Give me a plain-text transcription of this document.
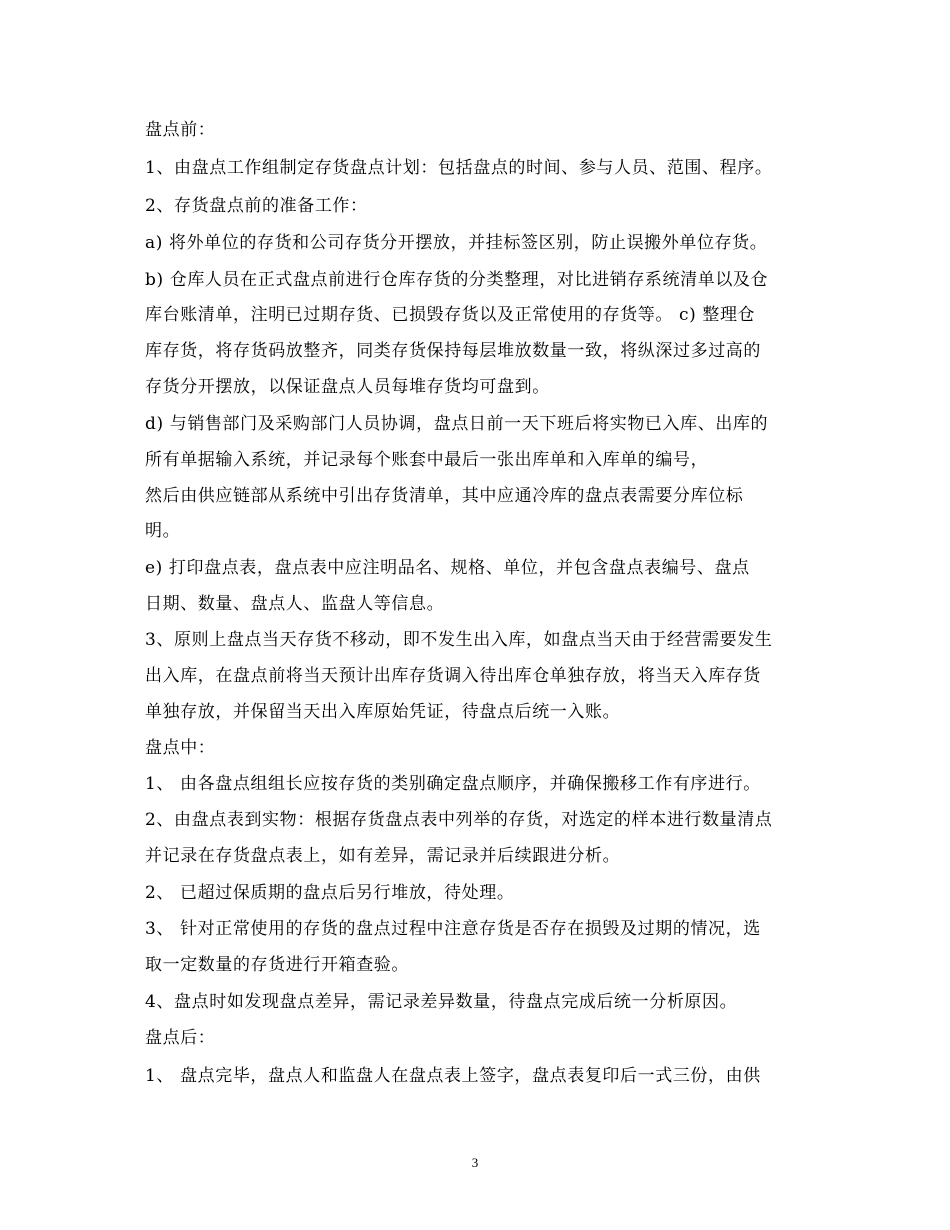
盘点前：
1、由盘点工作组制定存货盘点计划：包括盘点的时间、参与人员、范围、程序。
2、存货盘点前的准备工作：
a) 将外单位的存货和公司存货分开摆放，并挂标签区别，防止误搬外单位存货。
b) 仓库人员在正式盘点前进行仓库存货的分类整理，对比进销存系统清单以及仓
库台账清单，注明已过期存货、已损毁存货以及正常使用的存货等。 c) 整理仓
库存货，将存货码放整齐，同类存货保持每层堆放数量一致，将纵深过多过高的
存货分开摆放，以保证盘点人员每堆存货均可盘到。
d) 与销售部门及采购部门人员协调，盘点日前一天下班后将实物已入库、出库的
所有单据输入系统，并记录每个账套中最后一张出库单和入库单的编号，
然后由供应链部从系统中引出存货清单，其中应通冷库的盘点表需要分库位标
明。
e) 打印盘点表，盘点表中应注明品名、规格、单位，并包含盘点表编号、盘点
日期、数量、盘点人、监盘人等信息。
3、原则上盘点当天存货不移动，即不发生出入库，如盘点当天由于经营需要发生
出入库，在盘点前将当天预计出库存货调入待出库仓单独存放，将当天入库存货
单独存放，并保留当天出入库原始凭证，待盘点后统一入账。
盘点中：
1、 由各盘点组组长应按存货的类别确定盘点顺序，并确保搬移工作有序进行。
2、由盘点表到实物：根据存货盘点表中列举的存货，对选定的样本进行数量清点
并记录在存货盘点表上，如有差异，需记录并后续跟进分析。
2、 已超过保质期的盘点后另行堆放，待处理。
3、 针对正常使用的存货的盘点过程中注意存货是否存在损毁及过期的情况，选
取一定数量的存货进行开箱查验。
4、盘点时如发现盘点差异，需记录差异数量，待盘点完成后统一分析原因。
盘点后：
1、 盘点完毕，盘点人和监盘人在盘点表上签字，盘点表复印后一式三份，由供
3
